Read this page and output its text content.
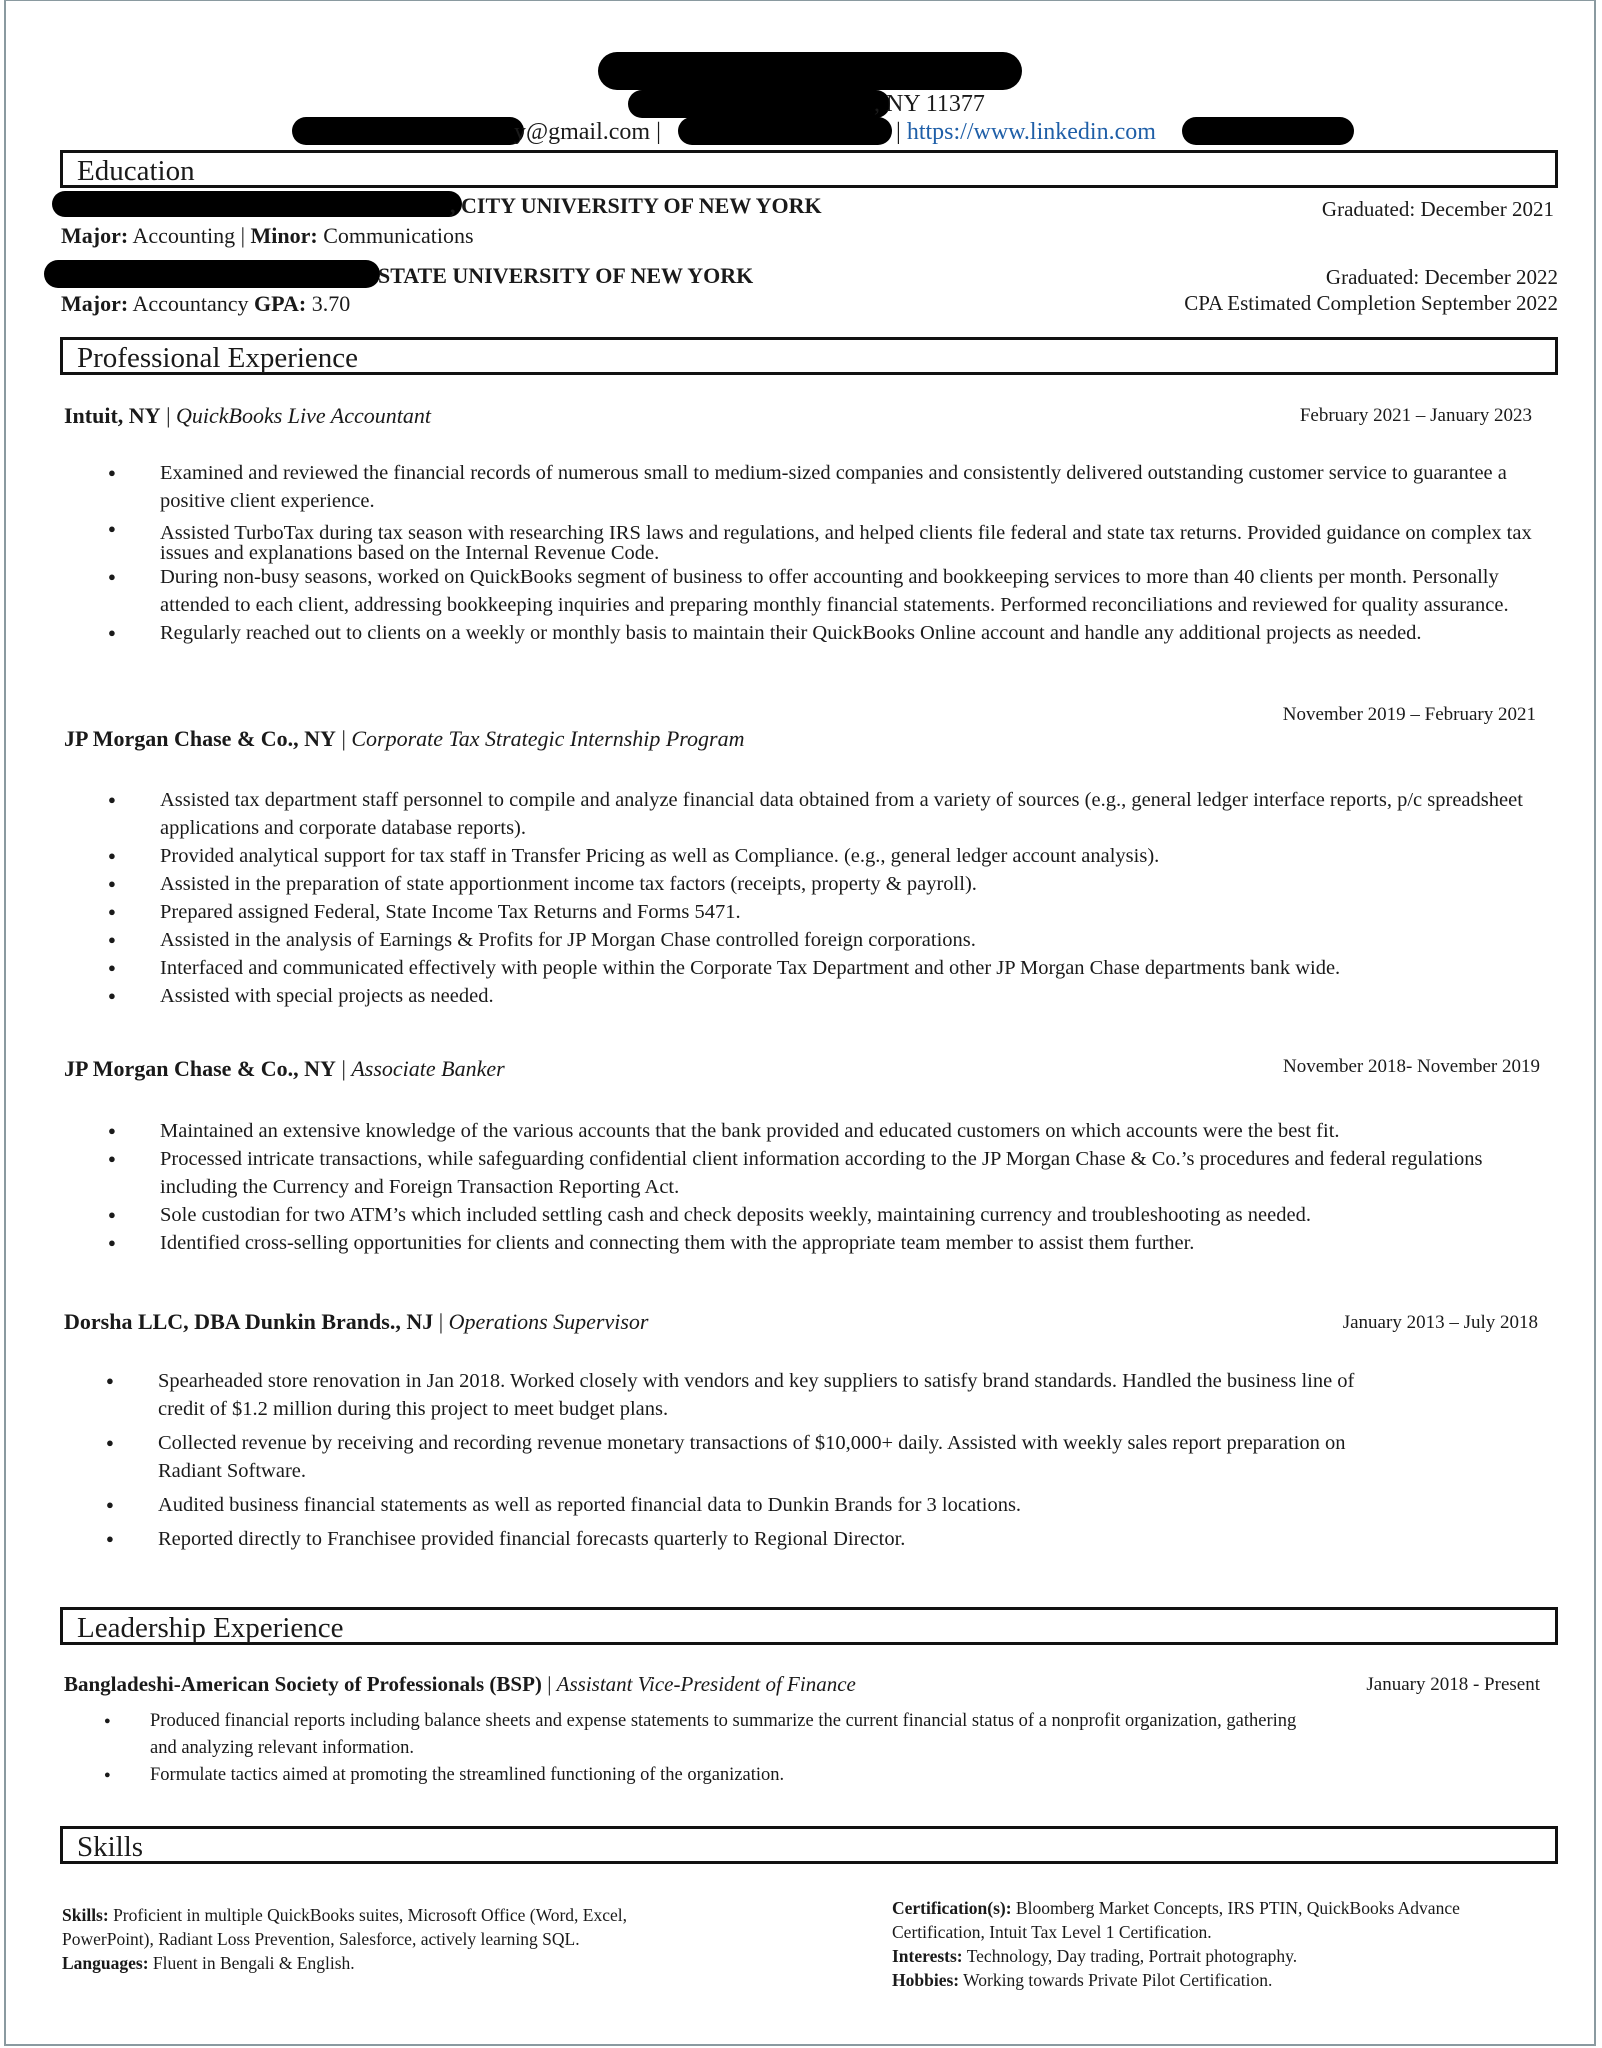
, NY 11377
y@gmail.com |	| https://www.linkedin.com
Education
, CITY UNIVERSITY OF NEW YORK	Graduated: December 2021
Major: Accounting | Minor: Communications
STATE UNIVERSITY OF NEW YORK	Graduated: December 2022
Major: Accountancy GPA: 3.70	CPA Estimated Completion September 2022
Professional Experience
Intuit, NY | QuickBooks Live Accountant	February 2021 – January 2023
● Examined and reviewed the financial records of numerous small to medium-sized companies and consistently delivered outstanding customer service to guarantee a positive client experience.
● Assisted TurboTax during tax season with researching IRS laws and regulations, and helped clients file federal and state tax returns. Provided guidance on complex tax issues and explanations based on the Internal Revenue Code.
● During non-busy seasons, worked on QuickBooks segment of business to offer accounting and bookkeeping services to more than 40 clients per month. Personally attended to each client, addressing bookkeeping inquiries and preparing monthly financial statements. Performed reconciliations and reviewed for quality assurance.
● Regularly reached out to clients on a weekly or monthly basis to maintain their QuickBooks Online account and handle any additional projects as needed.
November 2019 – February 2021
JP Morgan Chase & Co., NY | Corporate Tax Strategic Internship Program
● Assisted tax department staff personnel to compile and analyze financial data obtained from a variety of sources (e.g., general ledger interface reports, p/c spreadsheet applications and corporate database reports).
● Provided analytical support for tax staff in Transfer Pricing as well as Compliance. (e.g., general ledger account analysis).
● Assisted in the preparation of state apportionment income tax factors (receipts, property & payroll).
● Prepared assigned Federal, State Income Tax Returns and Forms 5471.
● Assisted in the analysis of Earnings & Profits for JP Morgan Chase controlled foreign corporations.
● Interfaced and communicated effectively with people within the Corporate Tax Department and other JP Morgan Chase departments bank wide.
● Assisted with special projects as needed.
JP Morgan Chase & Co., NY | Associate Banker	November 2018- November 2019
● Maintained an extensive knowledge of the various accounts that the bank provided and educated customers on which accounts were the best fit.
● Processed intricate transactions, while safeguarding confidential client information according to the JP Morgan Chase & Co.’s procedures and federal regulations including the Currency and Foreign Transaction Reporting Act.
● Sole custodian for two ATM’s which included settling cash and check deposits weekly, maintaining currency and troubleshooting as needed.
● Identified cross-selling opportunities for clients and connecting them with the appropriate team member to assist them further.
Dorsha LLC, DBA Dunkin Brands., NJ | Operations Supervisor	January 2013 – July 2018
● Spearheaded store renovation in Jan 2018. Worked closely with vendors and key suppliers to satisfy brand standards. Handled the business line of credit of $1.2 million during this project to meet budget plans.
● Collected revenue by receiving and recording revenue monetary transactions of $10,000+ daily. Assisted with weekly sales report preparation on Radiant Software.
● Audited business financial statements as well as reported financial data to Dunkin Brands for 3 locations.
● Reported directly to Franchisee provided financial forecasts quarterly to Regional Director.
Leadership Experience
Bangladeshi-American Society of Professionals (BSP) | Assistant Vice-President of Finance	January 2018 - Present
● Produced financial reports including balance sheets and expense statements to summarize the current financial status of a nonprofit organization, gathering and analyzing relevant information.
● Formulate tactics aimed at promoting the streamlined functioning of the organization.
Skills
Skills: Proficient in multiple QuickBooks suites, Microsoft Office (Word, Excel, PowerPoint), Radiant Loss Prevention, Salesforce, actively learning SQL.
Languages: Fluent in Bengali & English.
Certification(s): Bloomberg Market Concepts, IRS PTIN, QuickBooks Advance Certification, Intuit Tax Level 1 Certification.
Interests: Technology, Day trading, Portrait photography.
Hobbies: Working towards Private Pilot Certification.
